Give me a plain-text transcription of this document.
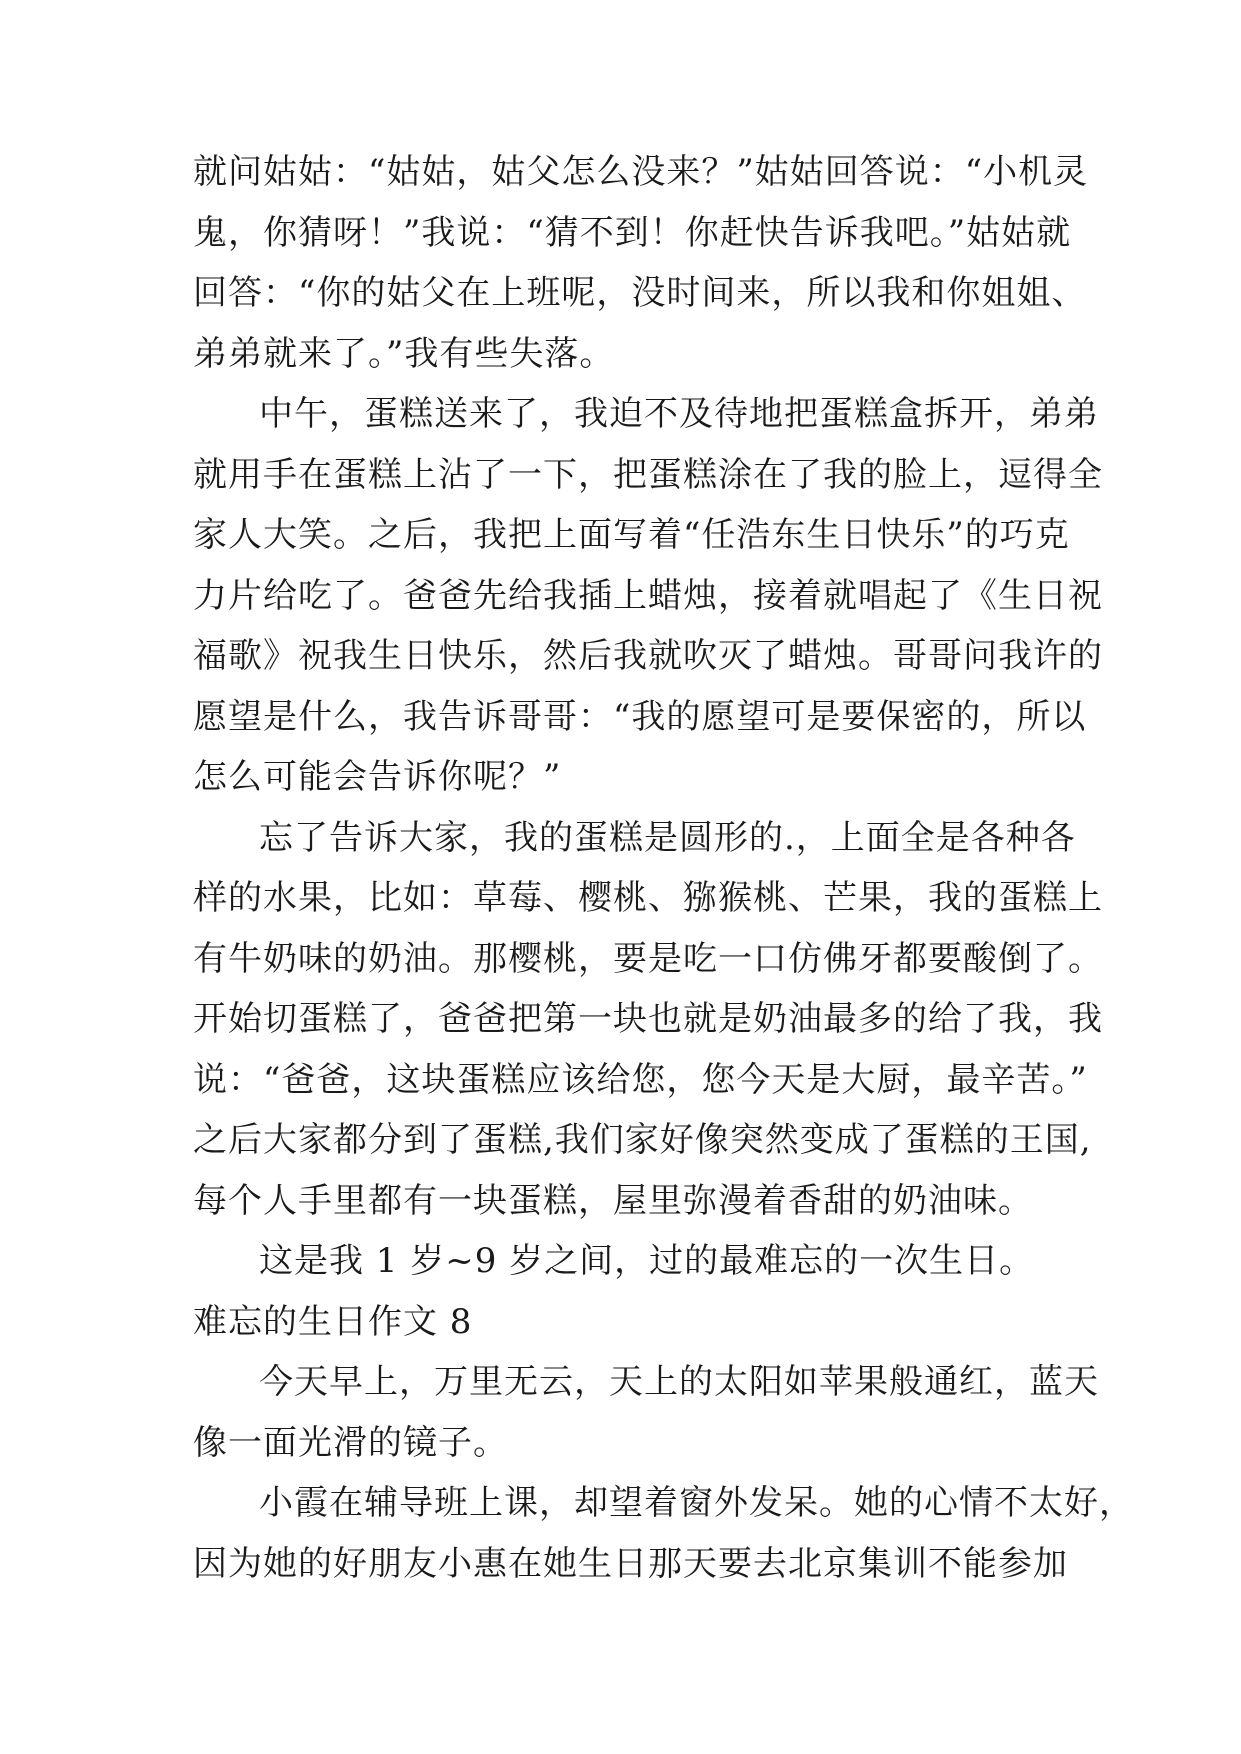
就问姑姑：“姑姑，姑父怎么没来？”姑姑回答说：“小机灵
鬼，你猜呀！”我说：“猜不到！你赶快告诉我吧。”姑姑就
回答：“你的姑父在上班呢，没时间来，所以我和你姐姐、
弟弟就来了。”我有些失落。
中午，蛋糕送来了，我迫不及待地把蛋糕盒拆开，弟弟
就用手在蛋糕上沾了一下，把蛋糕涂在了我的脸上，逗得全
家人大笑。之后，我把上面写着“任浩东生日快乐”的巧克
力片给吃了。爸爸先给我插上蜡烛，接着就唱起了《生日祝
福歌》祝我生日快乐，然后我就吹灭了蜡烛。哥哥问我许的
愿望是什么，我告诉哥哥：“我的愿望可是要保密的，所以
怎么可能会告诉你呢？”
忘了告诉大家，我的蛋糕是圆形的.，上面全是各种各
样的水果，比如：草莓、樱桃、猕猴桃、芒果，我的蛋糕上
有牛奶味的奶油。那樱桃，要是吃一口仿佛牙都要酸倒了。
开始切蛋糕了，爸爸把第一块也就是奶油最多的给了我，我
说：“爸爸，这块蛋糕应该给您，您今天是大厨，最辛苦。”
之后大家都分到了蛋糕,我们家好像突然变成了蛋糕的王国,
每个人手里都有一块蛋糕，屋里弥漫着香甜的奶油味。
这是我 1 岁~9 岁之间，过的最难忘的一次生日。
难忘的生日作文 8
今天早上，万里无云，天上的太阳如苹果般通红，蓝天
像一面光滑的镜子。
小霞在辅导班上课，却望着窗外发呆。她的心情不太好，
因为她的好朋友小惠在她生日那天要去北京集训不能参加
